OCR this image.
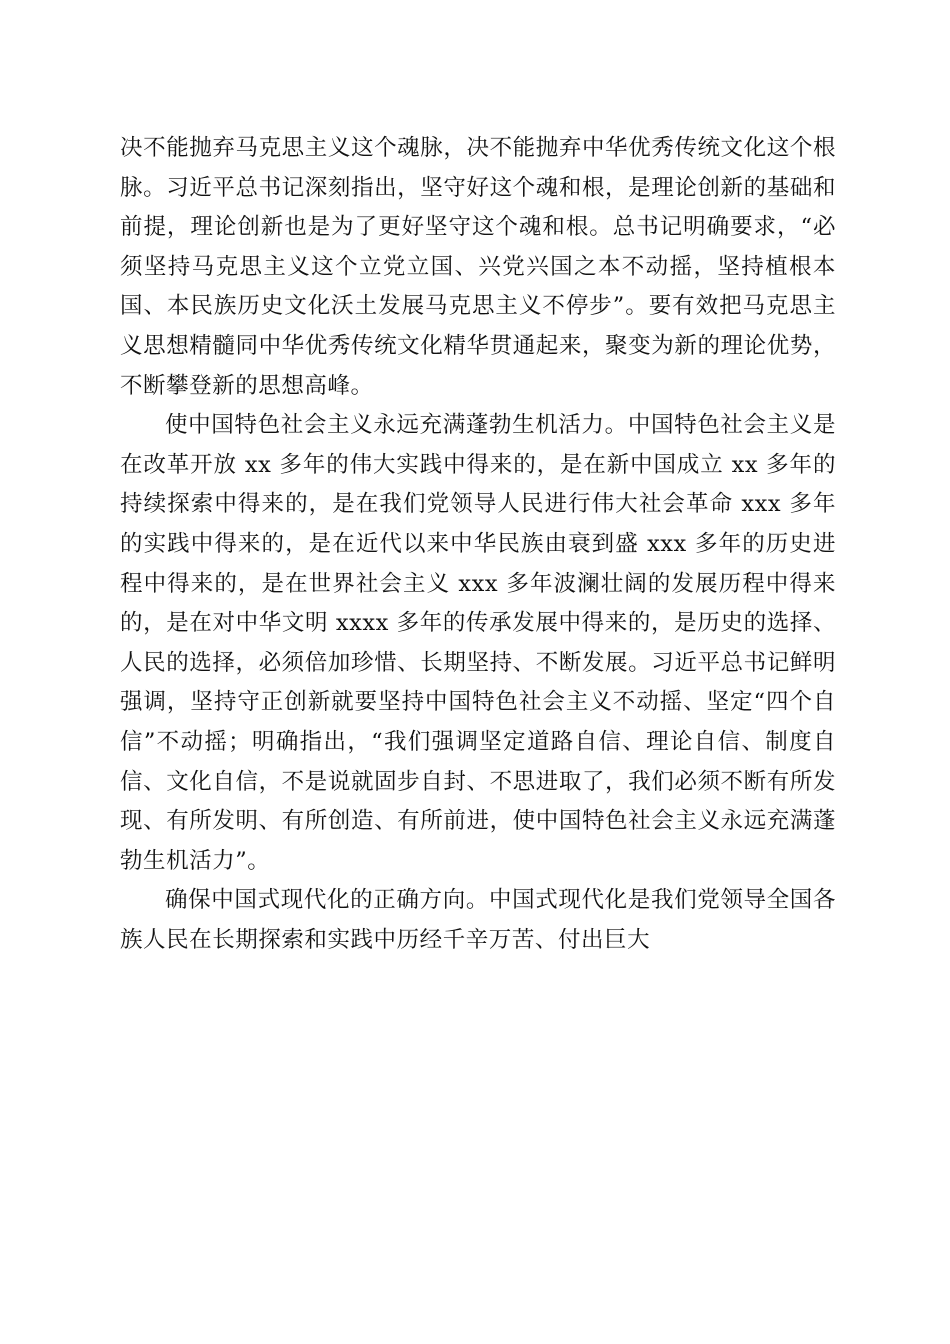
决不能抛弃马克思主义这个魂脉，决不能抛弃中华优秀传统文化这个根脉。习近平总书记深刻指出，坚守好这个魂和根，是理论创新的基础和前提，理论创新也是为了更好坚守这个魂和根。总书记明确要求，“必须坚持马克思主义这个立党立国、兴党兴国之本不动摇，坚持植根本国、本民族历史文化沃土发展马克思主义不停步”。要有效把马克思主义思想精髓同中华优秀传统文化精华贯通起来，聚变为新的理论优势，不断攀登新的思想高峰。

使中国特色社会主义永远充满蓬勃生机活力。中国特色社会主义是在改革开放 xx 多年的伟大实践中得来的，是在新中国成立 xx 多年的持续探索中得来的，是在我们党领导人民进行伟大社会革命 xxx 多年的实践中得来的，是在近代以来中华民族由衰到盛 xxx 多年的历史进程中得来的，是在世界社会主义 xxx 多年波澜壮阔的发展历程中得来的，是在对中华文明 xxxx 多年的传承发展中得来的，是历史的选择、人民的选择，必须倍加珍惜、长期坚持、不断发展。习近平总书记鲜明强调，坚持守正创新就要坚持中国特色社会主义不动摇、坚定“四个自信”不动摇；明确指出，“我们强调坚定道路自信、理论自信、制度自信、文化自信，不是说就固步自封、不思进取了，我们必须不断有所发现、有所发明、有所创造、有所前进，使中国特色社会主义永远充满蓬勃生机活力”。

确保中国式现代化的正确方向。中国式现代化是我们党领导全国各族人民在长期探索和实践中历经千辛万苦、付出巨大
